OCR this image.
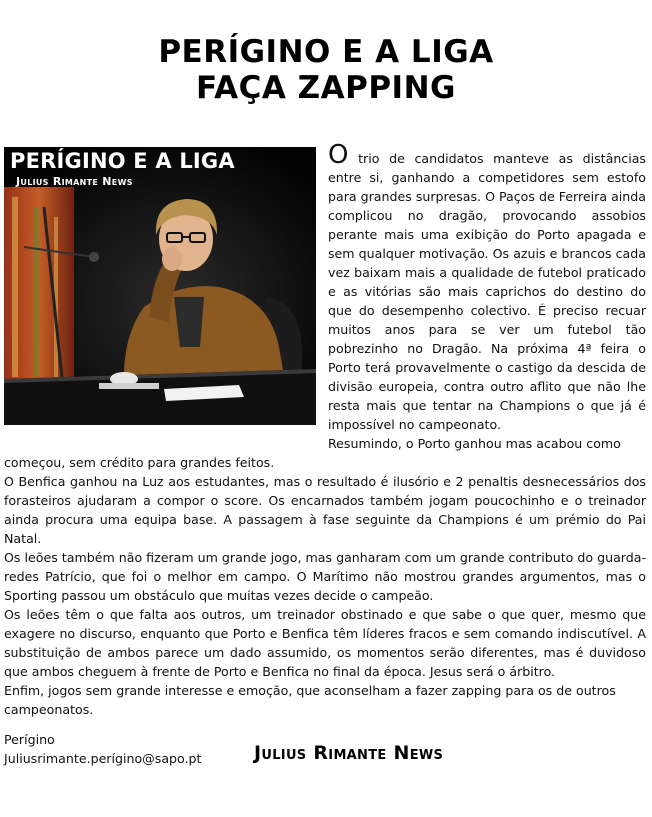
PERÍGINO E A LIGA
FAÇA ZAPPING
PERÍGINO E A LIGA
Julius Rimante News

O trio de candidatos manteve as distâncias entre si, ganhando a competidores sem estofo para grandes surpresas. O Paços de Ferreira ainda complicou no dragão, provocando assobios perante mais uma exibição do Porto apagada e sem qualquer motivação. Os azuis e brancos cada vez baixam mais a qualidade de futebol praticado e as vitórias são mais caprichos do destino do que do desempenho colectivo. É preciso recuar muitos anos para se ver um futebol tão pobrezinho no Dragão. Na próxima 4ª feira o Porto terá provavelmente o castigo da descida de divisão europeia, contra outro aflito que não lhe resta mais que tentar na Champions o que já é impossível no campeonato.

Resumindo, o Porto ganhou mas acabou como começou, sem crédito para grandes feitos.

O Benfica ganhou na Luz aos estudantes, mas o resultado é ilusório e 2 penaltis desnecessários dos forasteiros ajudaram a compor o score. Os encarnados também jogam poucochinho e o treinador ainda procura uma equipa base. A passagem à fase seguinte da Champions é um prémio do Pai Natal.

Os leões também não fizeram um grande jogo, mas ganharam com um grande contributo do guarda-redes Patrício, que foi o melhor em campo. O Marítimo não mostrou grandes argumentos, mas o Sporting passou um obstáculo que muitas vezes decide o campeão.

Os leões têm o que falta aos outros, um treinador obstinado e que sabe o que quer, mesmo que exagere no discurso, enquanto que Porto e Benfica têm líderes fracos e sem comando indiscutível. A substituição de ambos parece um dado assumido, os momentos serão diferentes, mas é duvidoso que ambos cheguem à frente de Porto e Benfica no final da época. Jesus será o árbitro.

Enfim, jogos sem grande interesse e emoção, que aconselham a fazer zapping para os de outros campeonatos.

Perígino
Juliusrimante.perígino@sapo.pt	Julius Rimante News
